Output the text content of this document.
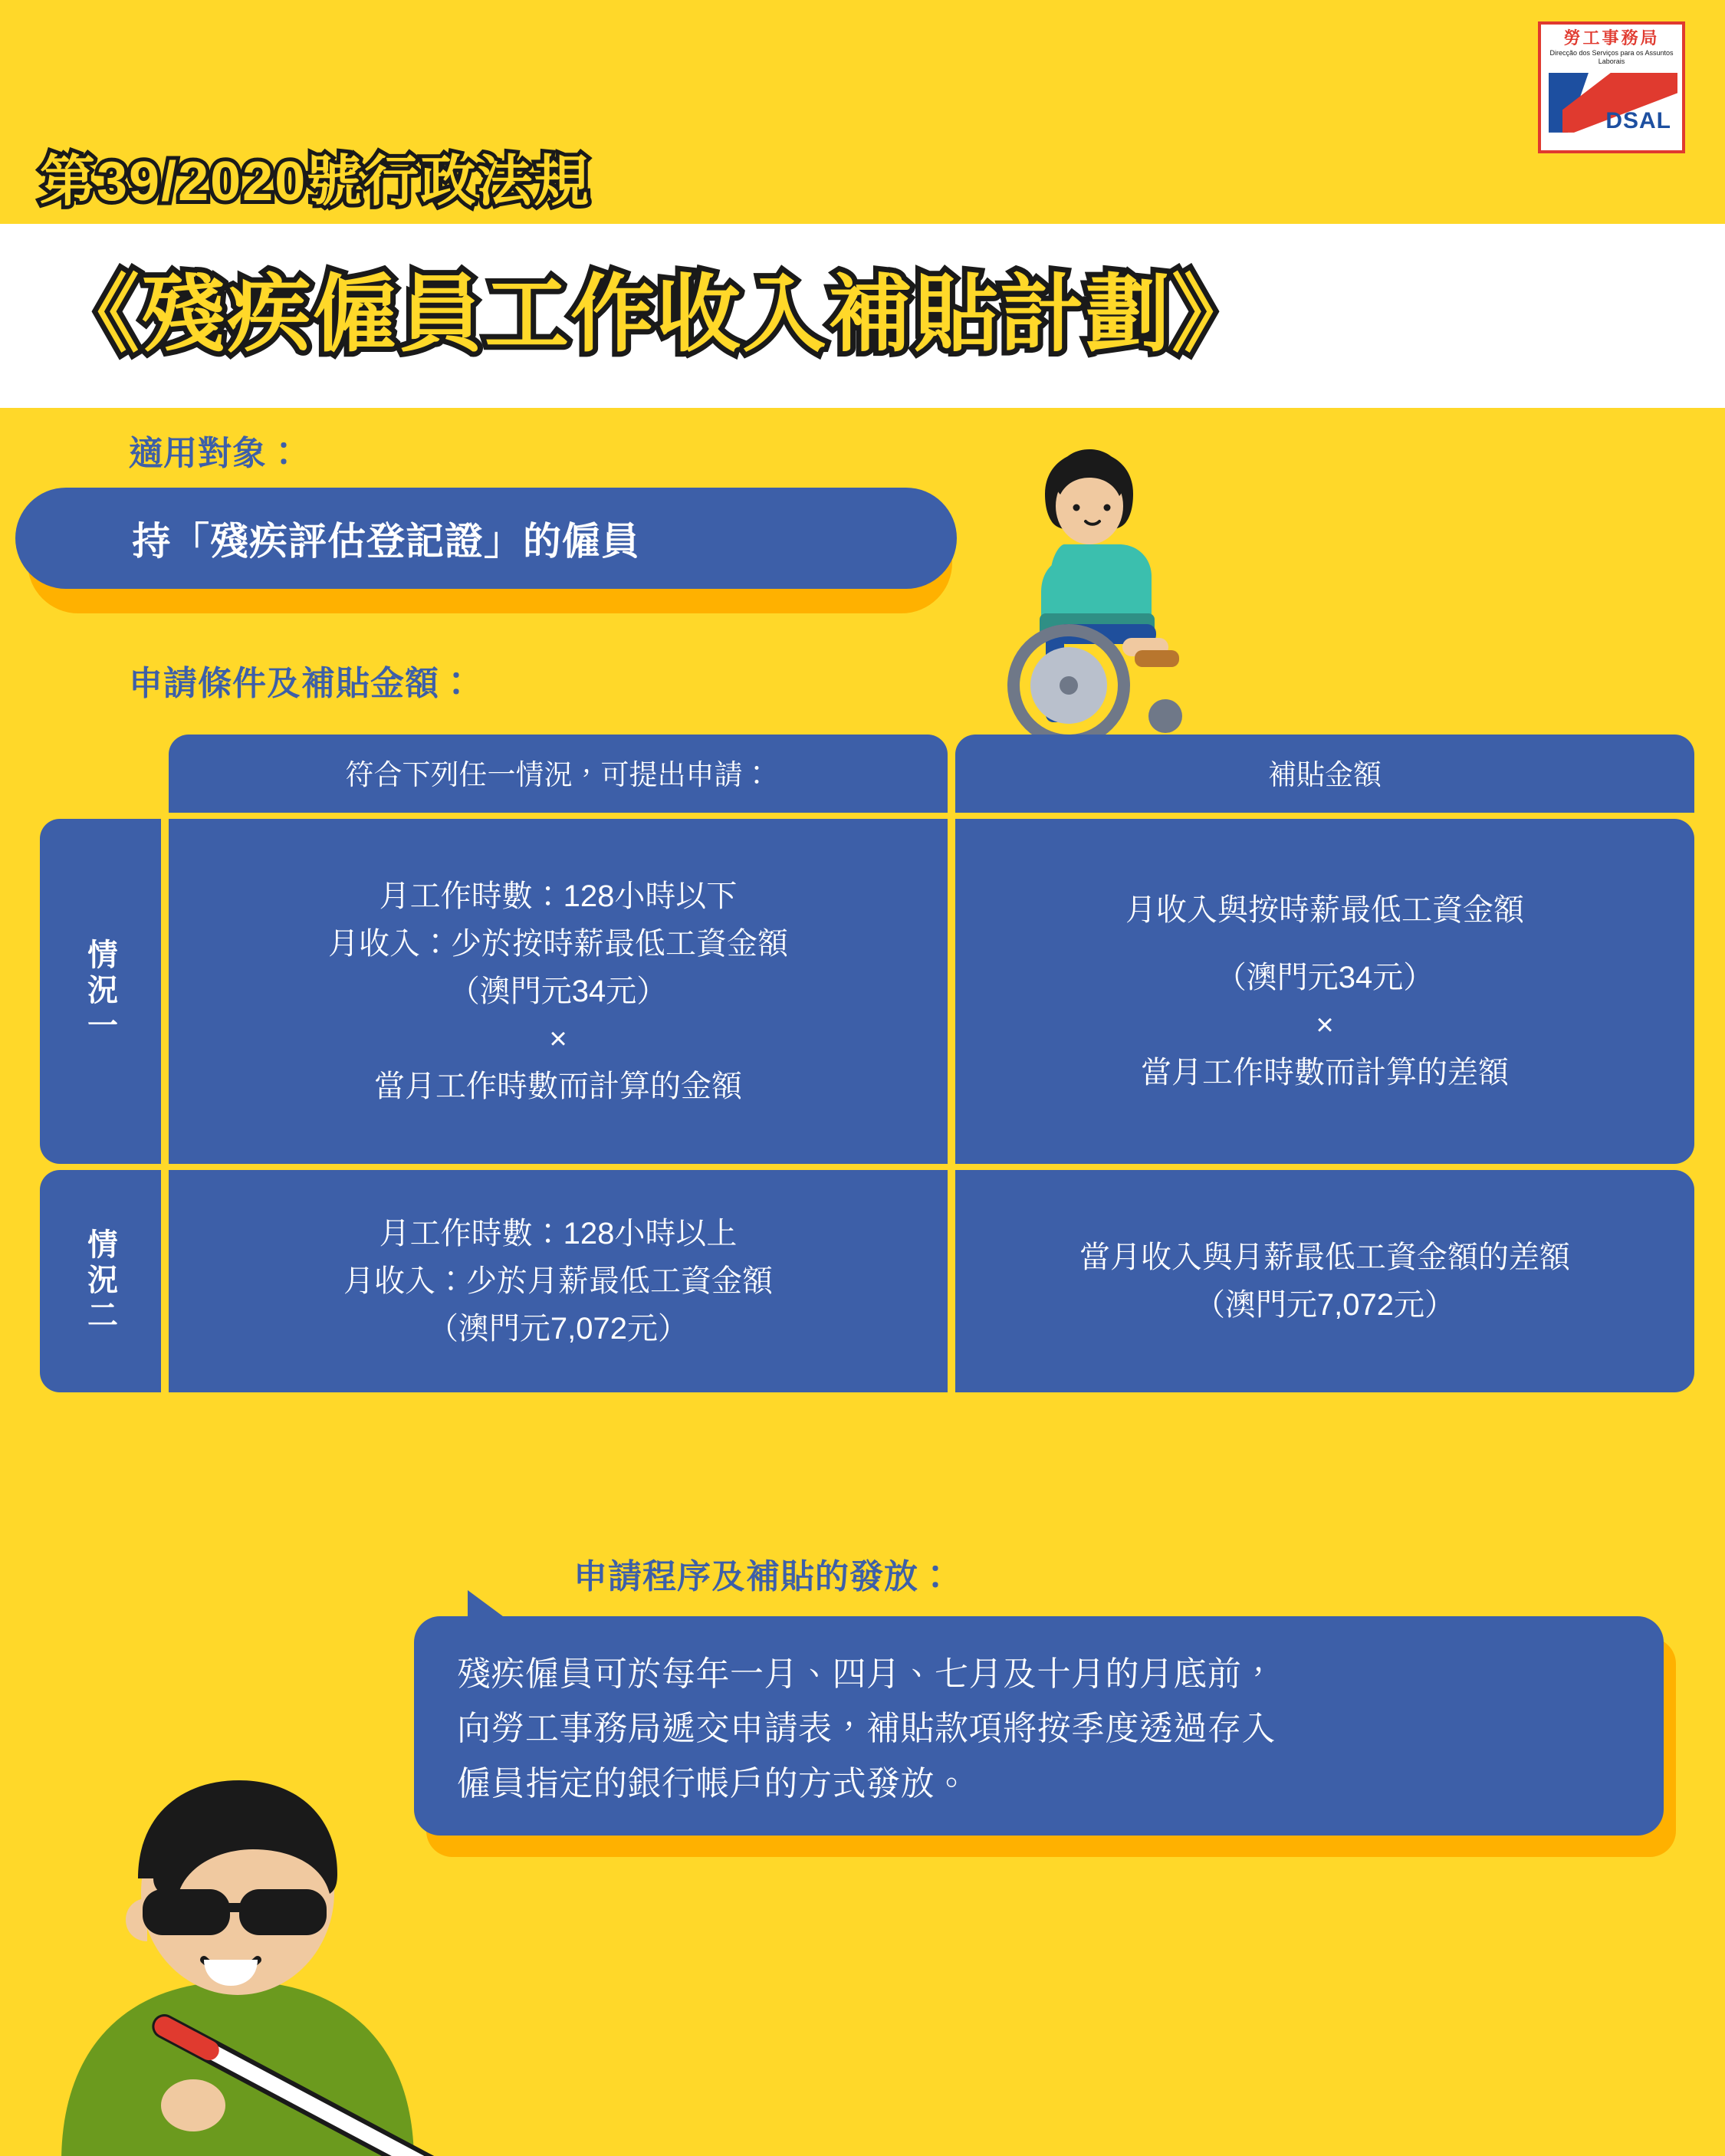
勞工事務局
Direcção dos Serviços para os Assuntos Laborais
DSAL
第39/2020號行政法規
《殘疾僱員工作收入補貼計劃》
適用對象：
持「殘疾評估登記證」的僱員
申請條件及補貼金額：
符合下列任一情況，可提出申請：	補貼金額
情況一
月工作時數：128小時以下
月收入：少於按時薪最低工資金額
（澳門元34元）
×
當月工作時數而計算的金額
月收入與按時薪最低工資金額
（澳門元34元）
×
當月工作時數而計算的差額
情況二	月工作時數：128小時以上
月收入：少於月薪最低工資金額
（澳門元7,072元）
當月收入與月薪最低工資金額的差額
（澳門元7,072元）
申請程序及補貼的發放：
殘疾僱員可於每年一月、四月、七月及十月的月底前，
向勞工事務局遞交申請表，補貼款項將按季度透過存入
僱員指定的銀行帳戶的方式發放。
